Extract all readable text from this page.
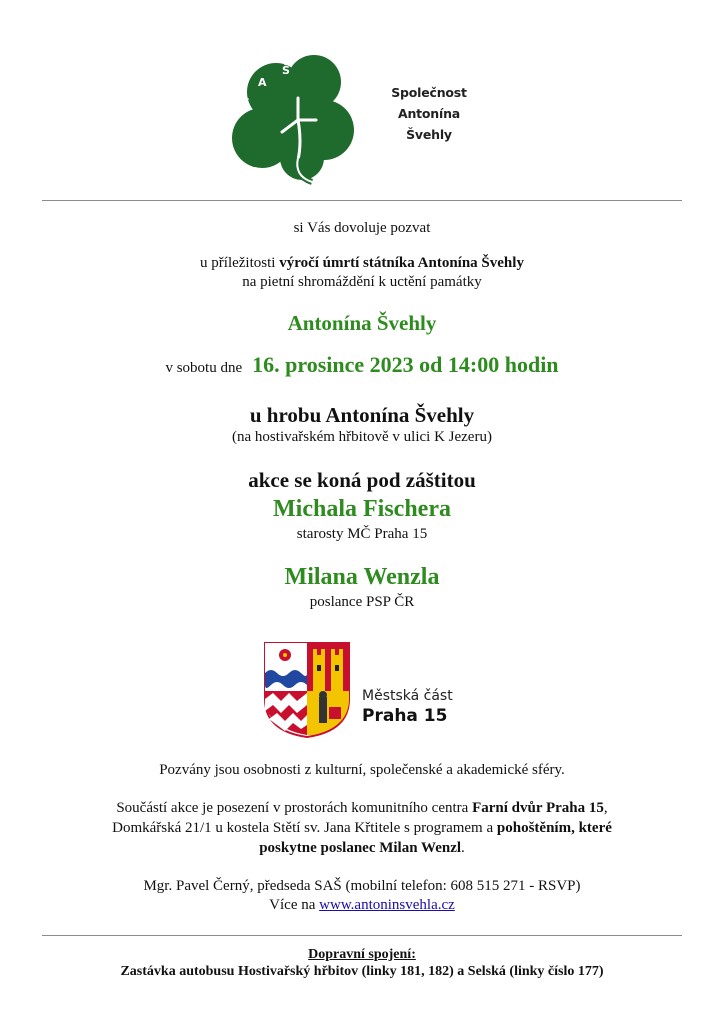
S
A
Š
Společnost
Antonína
Švehly
si Vás dovoluje pozvat
u příležitosti výročí úmrtí státníka Antonína Švehly
na pietní shromáždění k uctění památky
Antonína Švehly
v sobotu dne 16. prosince 2023 od 14:00 hodin
u hrobu Antonína Švehly
(na hostivařském hřbitově v ulici K Jezeru)
akce se koná pod záštitou
Michala Fischera
starosty MČ Praha 15
Milana Wenzla
poslance PSP ČR
Městská část
Praha 15
Pozvány jsou osobnosti z kulturní, společenské a akademické sféry.
Součástí akce je posezení v prostorách komunitního centra Farní dvůr Praha 15,
Domkářská 21/1 u kostela Stětí sv. Jana Křtitele s programem a pohoštěním, které
poskytne poslanec Milan Wenzl.
Mgr. Pavel Černý, předseda SAŠ (mobilní telefon: 608 515 271 - RSVP)
Více na www.antoninsvehla.cz
Dopravní spojení:
Zastávka autobusu Hostivařský hřbitov (linky 181, 182) a Selská (linky číslo 177)
